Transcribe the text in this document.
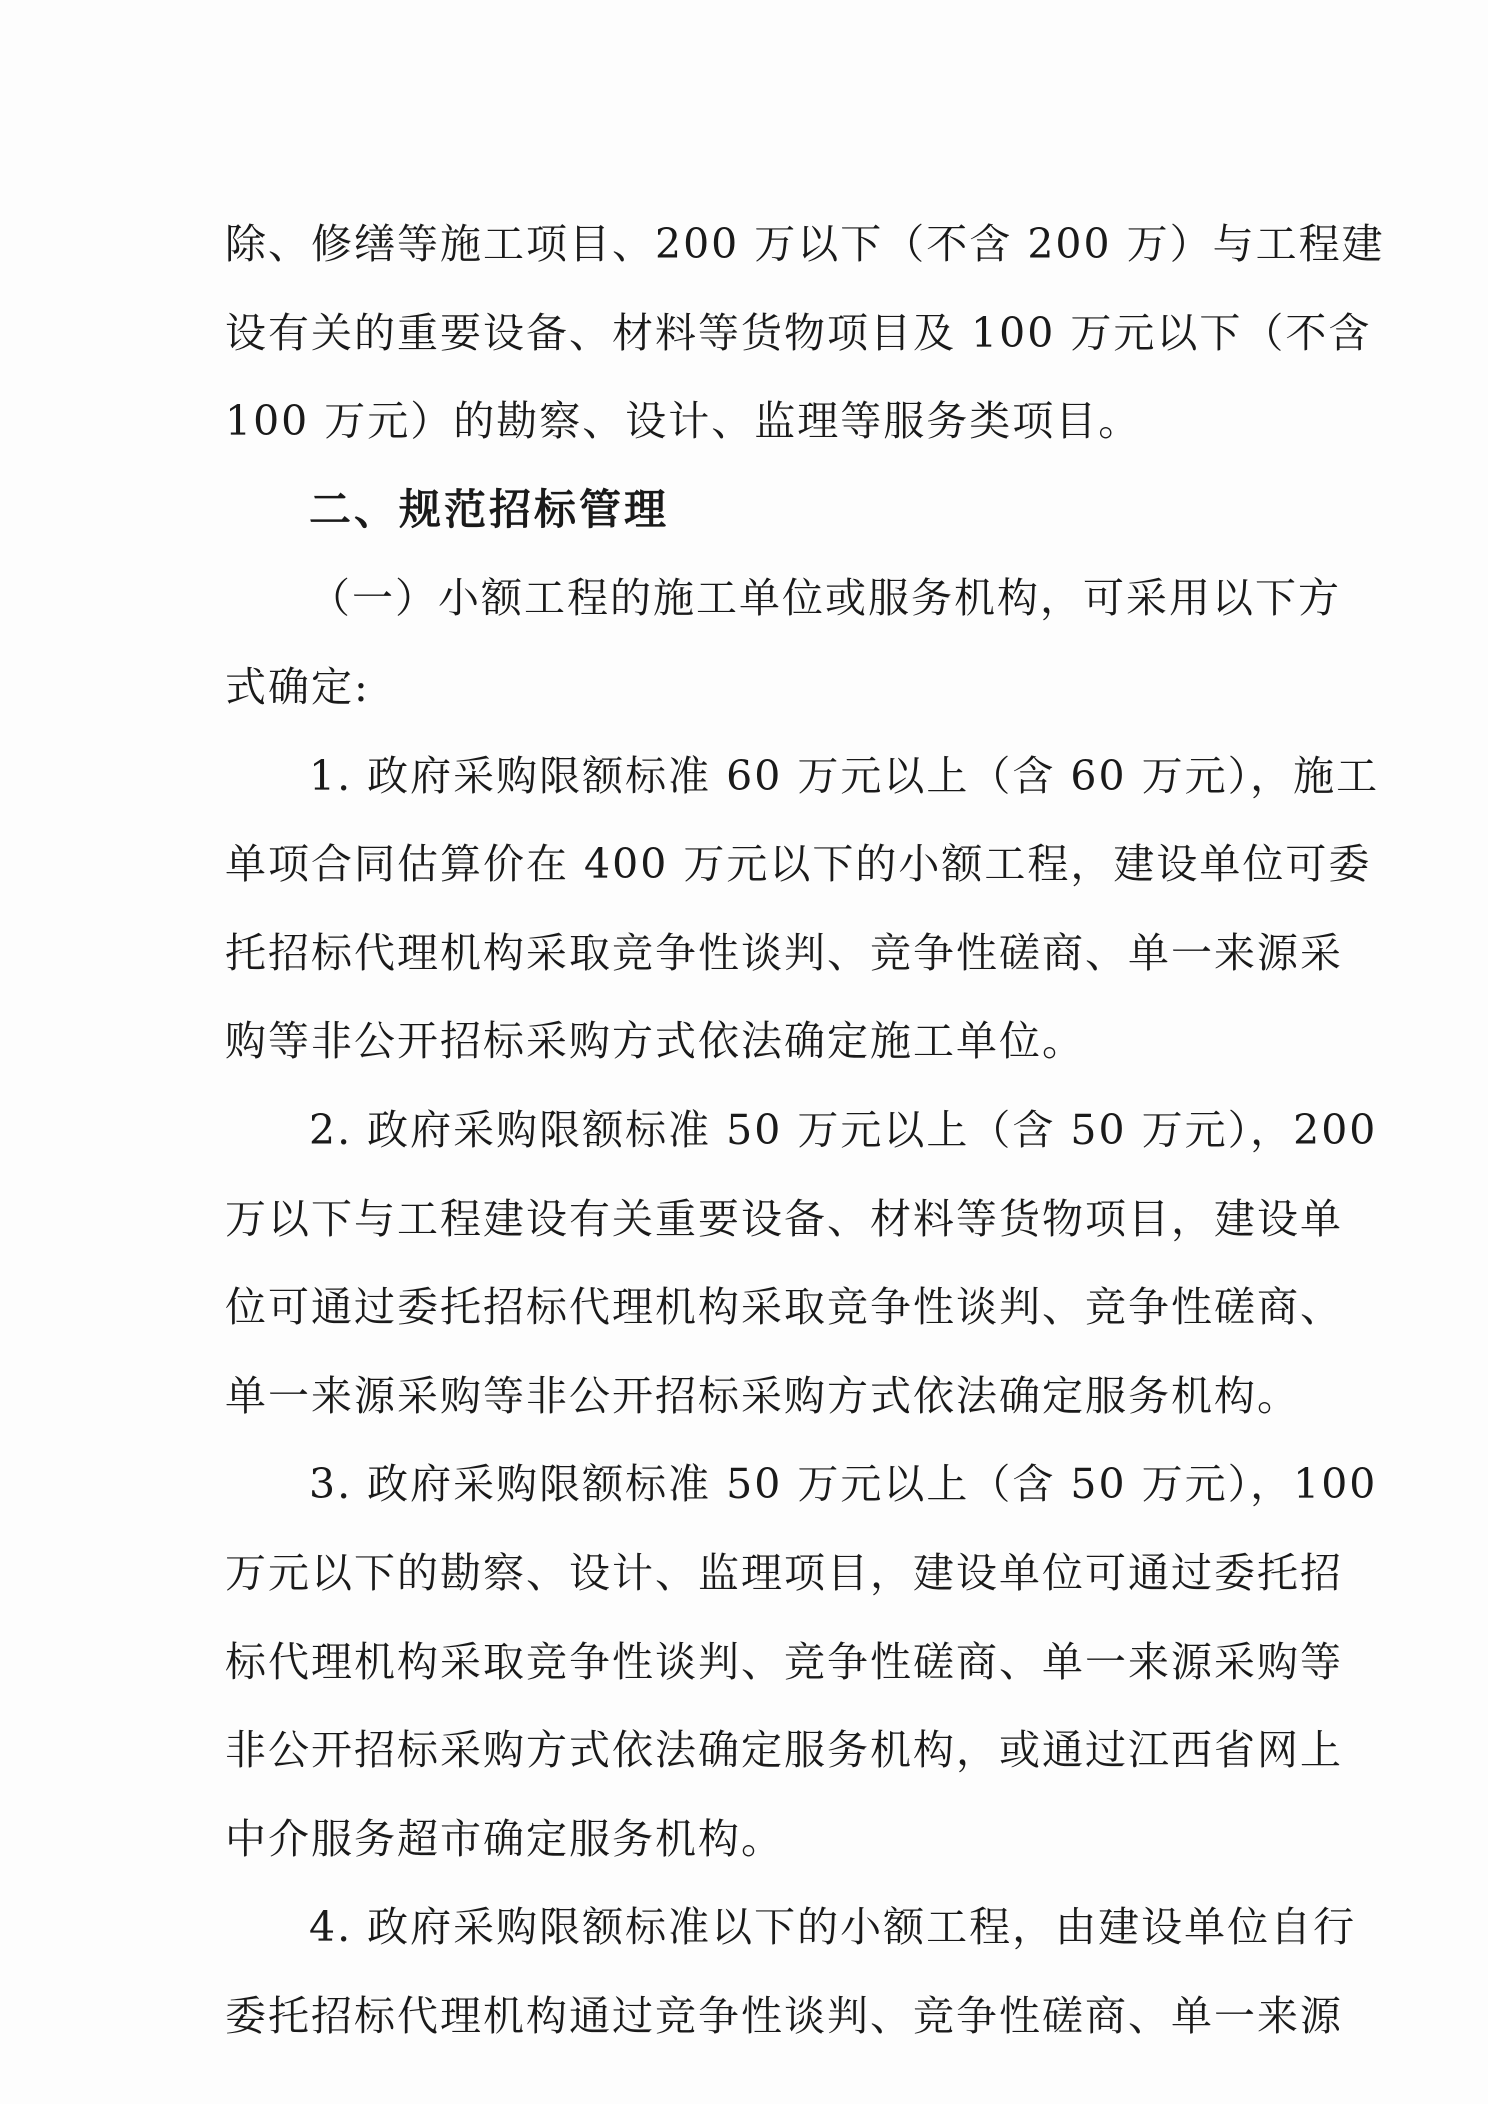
除、修缮等施工项目、200 万以下（不含 200 万）与工程建
设有关的重要设备、材料等货物项目及 100 万元以下（不含
100 万元）的勘察、设计、监理等服务类项目。

二、规范招标管理

（一）小额工程的施工单位或服务机构，可采用以下方
式确定:

1. 政府采购限额标准 60 万元以上（含 60 万元），施工
单项合同估算价在 400 万元以下的小额工程，建设单位可委
托招标代理机构采取竞争性谈判、竞争性磋商、单一来源采
购等非公开招标采购方式依法确定施工单位。

2. 政府采购限额标准 50 万元以上（含 50 万元），200
万以下与工程建设有关重要设备、材料等货物项目，建设单
位可通过委托招标代理机构采取竞争性谈判、竞争性磋商、
单一来源采购等非公开招标采购方式依法确定服务机构。

3. 政府采购限额标准 50 万元以上（含 50 万元），100
万元以下的勘察、设计、监理项目，建设单位可通过委托招
标代理机构采取竞争性谈判、竞争性磋商、单一来源采购等
非公开招标采购方式依法确定服务机构，或通过江西省网上
中介服务超市确定服务机构。

4. 政府采购限额标准以下的小额工程，由建设单位自行
委托招标代理机构通过竞争性谈判、竞争性磋商、单一来源
